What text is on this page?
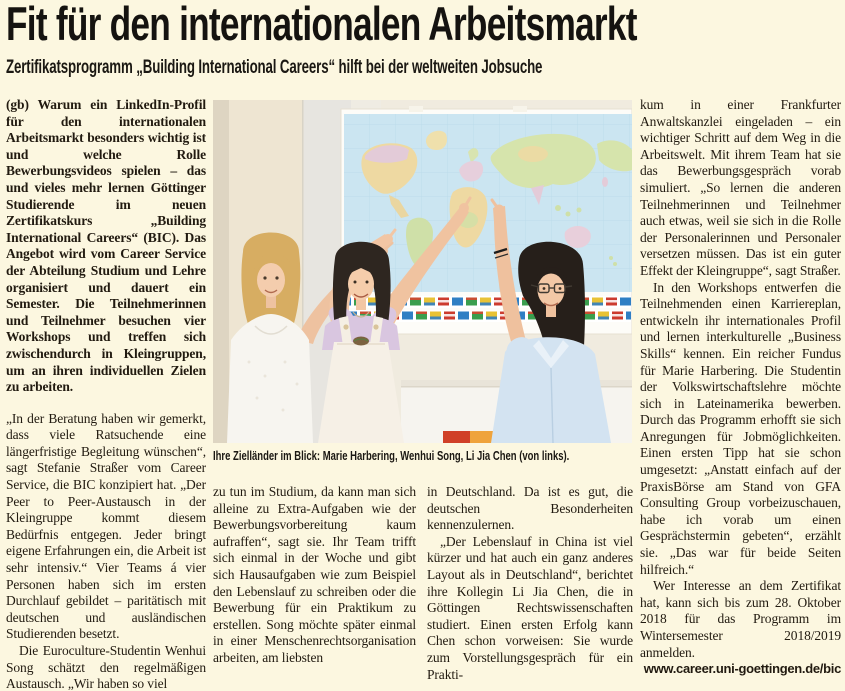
Fit für den internationalen Arbeitsmarkt
Zertifikatsprogramm „Building International Careers“ hilft bei der weltweiten Jobsuche

(gb) Warum ein LinkedIn-Profil für den internationalen Arbeitsmarkt besonders wichtig ist und welche Rolle Bewerbungsvideos spielen – das und vieles mehr lernen Göttinger Studierende im neuen Zertifikatskurs „Building International Careers“ (BIC). Das Angebot wird vom Career Service der Abteilung Studium und Lehre organisiert und dauert ein Semester. Die Teilnehmerinnen und Teilnehmer besuchen vier Workshops und treffen sich zwischendurch in Kleingruppen, um an ihren individuellen Zielen zu arbeiten.

„In der Beratung haben wir gemerkt, dass viele Ratsuchende eine längerfristige Begleitung wünschen“, sagt Stefanie Straßer vom Career Service, die BIC konzipiert hat. „Der Peer to Peer-Austausch in der Kleingruppe kommt diesem Bedürfnis entgegen. Jeder bringt eigene Erfahrungen ein, die Arbeit ist sehr intensiv.“ Vier Teams á vier Personen haben sich im ersten Durchlauf gebildet – paritätisch mit deutschen und ausländischen Studierenden besetzt.

Die Euroculture-Studentin Wenhui Song schätzt den regelmäßigen Austausch. „Wir haben so viel

Ihre Zielländer im Blick: Marie Harbering, Wenhui Song, Li Jia Chen (von links).

zu tun im Studium, da kann man sich alleine zu Extra-Aufgaben wie der Bewerbungsvorbereitung kaum aufraffen“, sagt sie. Ihr Team trifft sich einmal in der Woche und gibt sich Hausaufgaben wie zum Beispiel den Lebenslauf zu schreiben oder die Bewerbung für ein Praktikum zu erstellen. Song möchte später einmal in einer Menschenrechtsorganisation arbeiten, am liebsten

in Deutschland. Da ist es gut, die deutschen Besonderheiten kennenzulernen.

„Der Lebenslauf in China ist viel kürzer und hat auch ein ganz anderes Layout als in Deutschland“, berichtet ihre Kollegin Li Jia Chen, die in Göttingen Rechtswissenschaften studiert. Einen ersten Erfolg kann Chen schon vorweisen: Sie wurde zum Vorstellungsgespräch für ein Prakti-

kum in einer Frankfurter Anwaltskanzlei eingeladen – ein wichtiger Schritt auf dem Weg in die Arbeitswelt. Mit ihrem Team hat sie das Bewerbungsgespräch vorab simuliert. „So lernen die anderen Teilnehmerinnen und Teilnehmer auch etwas, weil sie sich in die Rolle der Personalerinnen und Personaler versetzen müssen. Das ist ein guter Effekt der Kleingruppe“, sagt Straßer.

In den Workshops entwerfen die Teilnehmenden einen Karriereplan, entwickeln ihr internationales Profil und lernen interkulturelle „Business Skills“ kennen. Ein reicher Fundus für Marie Harbering. Die Studentin der Volkswirtschaftslehre möchte sich in Lateinamerika bewerben. Durch das Programm erhofft sie sich Anregungen für Jobmöglichkeiten. Einen ersten Tipp hat sie schon umgesetzt: „Anstatt einfach auf der PraxisBörse am Stand von GFA Consulting Group vorbeizuschauen, habe ich vorab um einen Gesprächstermin gebeten“, erzählt sie. „Das war für beide Seiten hilfreich.“

Wer Interesse an dem Zertifikat hat, kann sich bis zum 28. Oktober 2018 für das Programm im Wintersemester 2018/2019 anmelden.

www.career.uni-goettingen.de/bic
